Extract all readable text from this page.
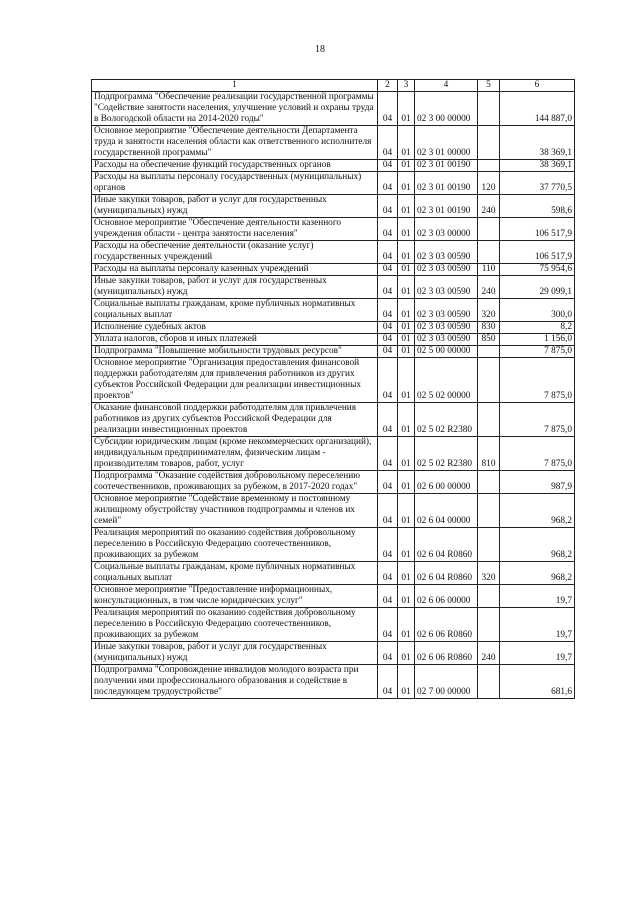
18
1	2	3	4	5	6
Подпрограмма "Обеспечение реализации государственной программы "Содействие занятости населения, улучшение условий и охраны труда в Вологодской области на 2014-2020 годы"	04	01	02 3 00 00000		144 887,0
Основное мероприятие "Обеспечение деятельности Департамента труда и занятости населения области как ответственного исполнителя государственной программы"	04	01	02 3 01 00000		38 369,1
Расходы на обеспечение функций государственных органов	04	01	02 3 01 00190		38 369,1
Расходы на выплаты персоналу государственных (муниципальных) органов	04	01	02 3 01 00190	120	37 770,5
Иные закупки товаров, работ и услуг для государственных (муниципальных) нужд	04	01	02 3 01 00190	240	598,6
Основное мероприятие "Обеспечение деятельности казенного учреждения области - центра занятости населения"	04	01	02 3 03 00000		106 517,9
Расходы на обеспечение деятельности (оказание услуг) государственных учреждений	04	01	02 3 03 00590		106 517,9
Расходы на выплаты персоналу казенных учреждений	04	01	02 3 03 00590	110	75 954,6
Иные закупки товаров, работ и услуг для государственных (муниципальных) нужд	04	01	02 3 03 00590	240	29 099,1
Социальные выплаты гражданам, кроме публичных нормативных социальных выплат	04	01	02 3 03 00590	320	300,0
Исполнение судебных актов	04	01	02 3 03 00590	830	8,2
Уплата налогов, сборов и иных платежей	04	01	02 3 03 00590	850	1 156,0
Подпрограмма "Повышение мобильности трудовых ресурсов"	04	01	02 5 00 00000		7 875,0
Основное мероприятие "Организация предоставления финансовой поддержки работодателям для привлечения работников из других субъектов Российской Федерации для реализации инвестиционных проектов"	04	01	02 5 02 00000		7 875,0
Оказание финансовой поддержки работодателям для привлечения работников из других субъектов Российской Федерации для реализации инвестиционных проектов	04	01	02 5 02 R2380		7 875,0
Субсидии юридическим лицам (кроме некоммерческих организаций), индивидуальным предпринимателям, физическим лицам - производителям товаров, работ, услуг	04	01	02 5 02 R2380	810	7 875,0
Подпрограмма "Оказание содействия добровольному переселению соотечественников, проживающих за рубежом, в 2017-2020 годах"	04	01	02 6 00 00000		987,9
Основное мероприятие "Содействие временному и постоянному жилищному обустройству участников подпрограммы и членов их семей"	04	01	02 6 04 00000		968,2
Реализация мероприятий по оказанию содействия добровольному переселению в Российскую Федерацию соотечественников, проживающих за рубежом	04	01	02 6 04 R0860		968,2
Социальные выплаты гражданам, кроме публичных нормативных социальных выплат	04	01	02 6 04 R0860	320	968,2
Основное мероприятие "Предоставление информационных, консультационных, в том числе юридических услуг"	04	01	02 6 06 00000		19,7
Реализация мероприятий по оказанию содействия добровольному переселению в Российскую Федерацию соотечественников, проживающих за рубежом	04	01	02 6 06 R0860		19,7
Иные закупки товаров, работ и услуг для государственных (муниципальных) нужд	04	01	02 6 06 R0860	240	19,7
Подпрограмма "Сопровождение инвалидов молодого возраста при получении ими профессионального образования и содействие в последующем трудоустройстве"	04	01	02 7 00 00000		681,6
